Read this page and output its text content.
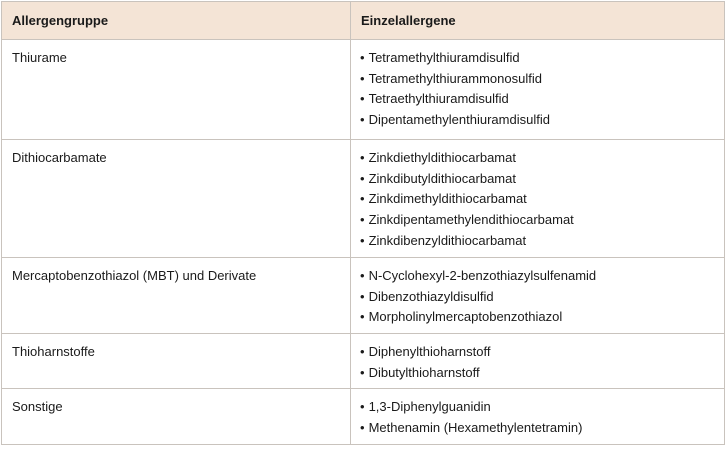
Allergengruppe	Einzelallergene
Thiurame	• Tetramethylthiuramdisulfid
• Tetramethylthiurammonosulfid
• Tetraethylthiuramdisulfid
• Dipentamethylenthiuramdisulfid
Dithiocarbamate	• Zinkdiethyldithiocarbamat
• Zinkdibutyldithiocarbamat
• Zinkdimethyldithiocarbamat
• Zinkdipentamethylendithiocarbamat
• Zinkdibenzyldithiocarbamat
Mercaptobenzothiazol (MBT) und Derivate	• N-Cyclohexyl-2-benzothiazylsulfenamid
• Dibenzothiazyldisulfid
• Morpholinylmercaptobenzothiazol
Thioharnstoffe	• Diphenylthioharnstoff
• Dibutylthioharnstoff
Sonstige	• 1,3-Diphenylguanidin
• Methenamin (Hexamethylentetramin)
